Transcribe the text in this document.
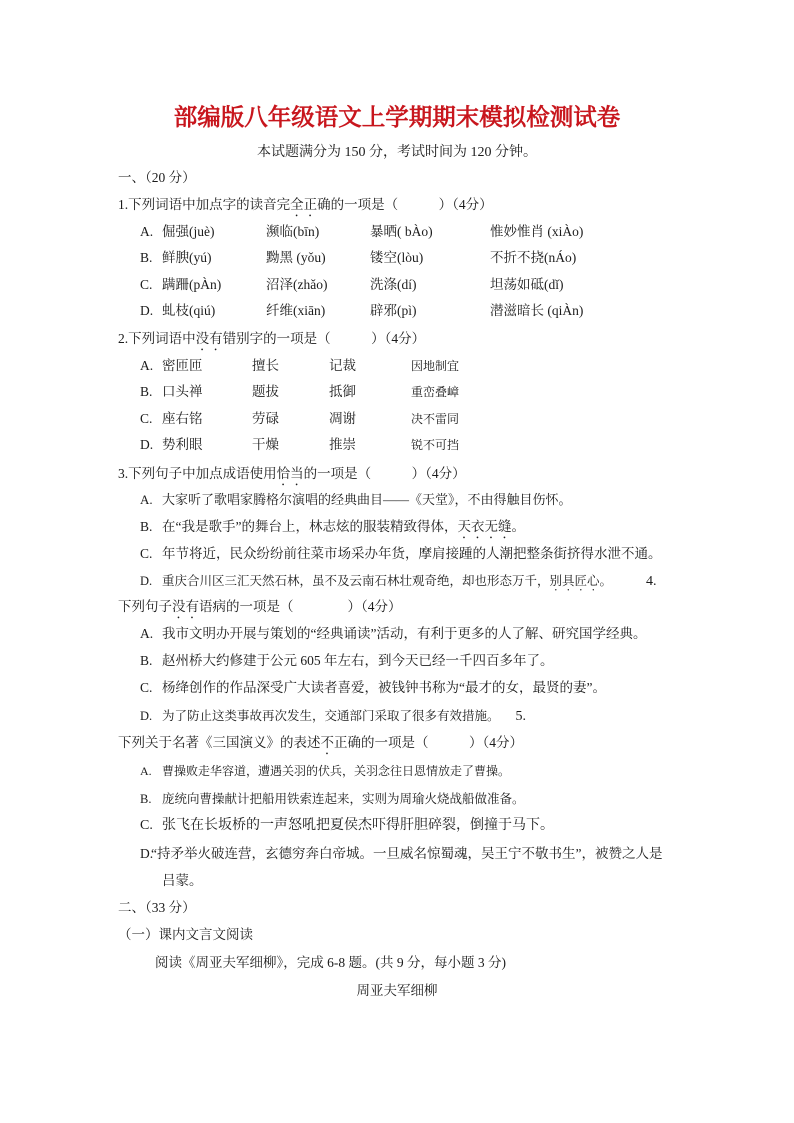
部编版八年级语文上学期期末模拟检测试卷
本试题满分为 150 分，考试时间为 120 分钟。
一、（20 分）
1.下列词语中加点字的读音完全正确的一项是（　　　）（4分）
A. 倔强(juè)	濒临(bīn)	暴晒( bÀo)	惟妙惟肖 (xiÀo)
B. 鲜腴(yú)	黝黑 (yǒu)	镂空(lòu)	不折不挠(nÁo)
C. 蹒跚(pÀn)	沼泽(zhǎo)	洗涤(dí)	坦荡如砥(dǐ)
D. 虬枝(qiú)	纤维(xiān)	辟邪(pì)	潜滋暗长 (qiÀn)
2.下列词语中没有错别字的一项是（　　　）（4分）
A. 密匝匝	擅长	记裁	因地制宜
B. 口头禅	题拔	抵御	重峦叠嶂
C. 座右铭	劳碌	凋谢	决不雷同
D. 势利眼	干燥	推崇	锐不可挡
3.下列句子中加点成语使用恰当的一项是（　　　）（4分）
A. 大家听了歌唱家腾格尔演唱的经典曲目——《天堂》，不由得触目伤怀。
B. 在“我是歌手”的舞台上，林志炫的服装精致得体，天衣无缝。
C. 年节将近，民众纷纷前往菜市场采办年货，摩肩接踵的人潮把整条街挤得水泄不通。
D. 重庆合川区三汇天然石林，虽不及云南石林壮观奇绝，却也形态万千，别具匠心。 4.
下列句子没有语病的一项是（　　　　）（4分）
A. 我市文明办开展与策划的“经典诵读”活动，有利于更多的人了解、研究国学经典。
B. 赵州桥大约修建于公元 605 年左右，到今天已经一千四百多年了。
C. 杨绛创作的作品深受广大读者喜爱，被钱钟书称为“最才的女，最贤的妻”。
D. 为了防止这类事故再次发生，交通部门采取了很多有效措施。 5.
下列关于名著《三国演义》的表述不正确的一项是（　　　）（4分）
A. 曹操败走华容道，遭遇关羽的伏兵，关羽念往日恩情放走了曹操。
B. 庞统向曹操献计把船用铁索连起来，实则为周瑜火烧战船做准备。
C. 张飞在长坂桥的一声怒吼把夏侯杰吓得肝胆碎裂，倒撞于马下。
D.“持矛举火破连营，玄德穷奔白帝城。一旦威名惊蜀魂，吴王宁不敬书生”，被赞之人是
吕蒙。
二、（33 分）
（一）课内文言文阅读
阅读《周亚夫军细柳》，完成 6-8 题。(共 9 分，每小题 3 分)
周亚夫军细柳
